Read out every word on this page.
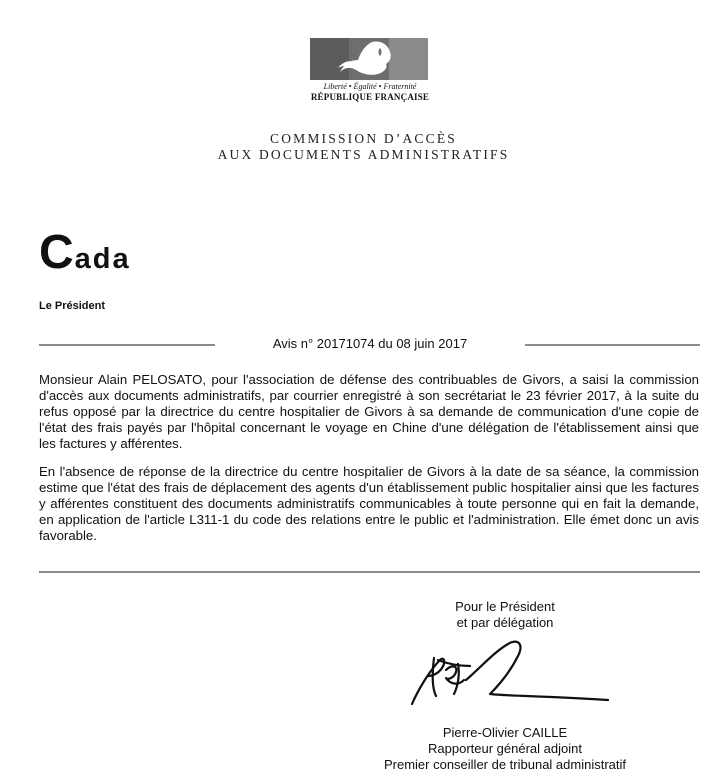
Liberté • Égalité • Fraternité
RÉPUBLIQUE FRANÇAISE
COMMISSION D’ACCÈS
AUX DOCUMENTS ADMINISTRATIFS
Cada
Le Président
Avis n° 20171074 du 08 juin 2017
Monsieur Alain PELOSATO, pour l'association de défense des contribuables de Givors, a saisi la commission d'accès aux documents administratifs, par courrier enregistré à son secrétariat le 23 février 2017, à la suite du refus opposé par la directrice du centre hospitalier de Givors à sa demande de communication d'une copie de l'état des frais payés par l'hôpital concernant le voyage en Chine d'une délégation de l'établissement ainsi que les factures y afférentes.
En l'absence de réponse de la directrice du centre hospitalier de Givors à la date de sa séance, la commission estime que l'état des frais de déplacement des agents d'un établissement public hospitalier ainsi que les factures y afférentes constituent des documents administratifs communicables à toute personne qui en fait la demande, en application de l'article L311-1 du code des relations entre le public et l'administration. Elle émet donc un avis favorable.
Pour le Président
et par délégation
Pierre-Olivier CAILLE
Rapporteur général adjoint
Premier conseiller de tribunal administratif
